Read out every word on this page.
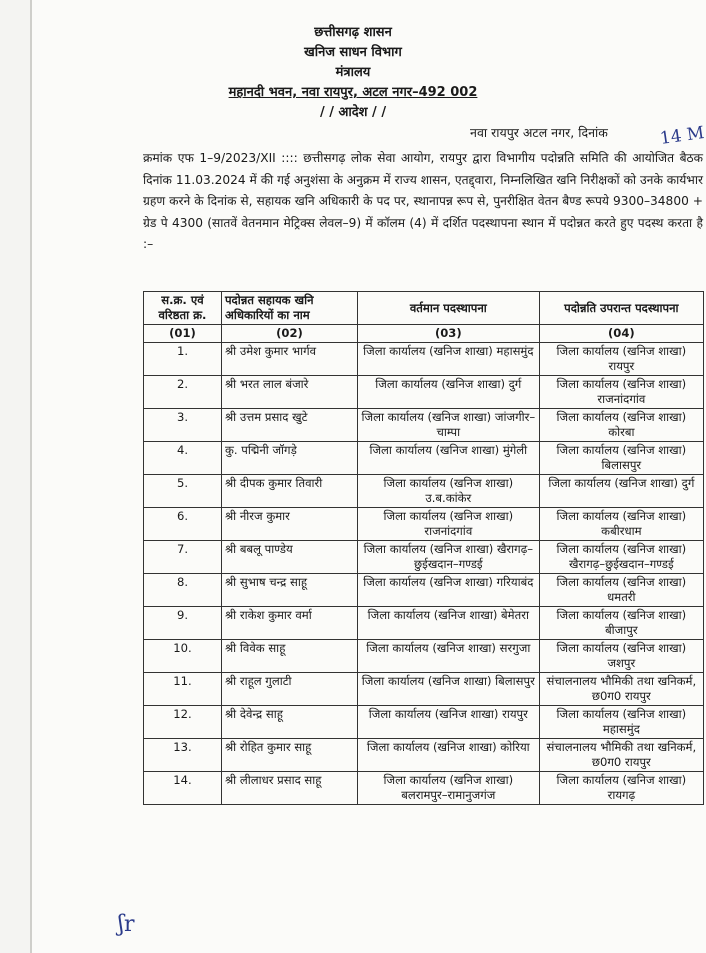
छत्तीसगढ़ शासन
खनिज साधन विभाग
मंत्रालय
महानदी भवन, नवा रायपुर, अटल नगर–492 002
/ / आदेश / /
नवा रायपुर अटल नगर, दिनांक	14 M
क्रमांक एफ 1–9/2023/XII :::: छत्तीसगढ़ लोक सेवा आयोग, रायपुर द्वारा विभागीय पदोन्नति समिति की आयोजित बैठक दिनांक 11.03.2024 में की गई अनुशंसा के अनुक्रम में राज्य शासन, एतद्द्वारा, निम्नलिखित खनि निरीक्षकों को उनके कार्यभार ग्रहण करने के दिनांक से, सहायक खनि अधिकारी के पद पर, स्थानापन्न रूप से, पुनरीक्षित वेतन बैण्ड रूपये 9300–34800 + ग्रेड पे 4300 (सातवें वेतनमान मेट्रिक्स लेवल–9) में कॉलम (4) में दर्शित पदस्थापना स्थान में पदोन्नत करते हुए पदस्थ करता है :–
स.क्र. एवं वरिष्ठता क्र.	पदोन्नत सहायक खनि अधिकारियों का नाम	वर्तमान पदस्थापना	पदोन्नति उपरान्त पदस्थापना
(01)	(02)	(03)	(04)
1.	श्री उमेश कुमार भार्गव	जिला कार्यालय (खनिज शाखा) महासमुंद	जिला कार्यालय (खनिज शाखा) रायपुर
2.	श्री भरत लाल बंजारे	जिला कार्यालय (खनिज शाखा) दुर्ग	जिला कार्यालय (खनिज शाखा) राजनांदगांव
3.	श्री उत्तम प्रसाद खुटे	जिला कार्यालय (खनिज शाखा) जांजगीर–चाम्पा	जिला कार्यालय (खनिज शाखा) कोरबा
4.	कु. पद्मिनी जॉगड़े	जिला कार्यालय (खनिज शाखा) मुंगेली	जिला कार्यालय (खनिज शाखा) बिलासपुर
5.	श्री दीपक कुमार तिवारी	जिला कार्यालय (खनिज शाखा) उ.ब.कांकेर	जिला कार्यालय (खनिज शाखा) दुर्ग
6.	श्री नीरज कुमार	जिला कार्यालय (खनिज शाखा) राजनांदगांव	जिला कार्यालय (खनिज शाखा) कबीरधाम
7.	श्री बबलू पाण्डेय	जिला कार्यालय (खनिज शाखा) खैरागढ़–छुईखदान–गण्डई	जिला कार्यालय (खनिज शाखा) खैरागढ़–छुईखदान–गण्डई
8.	श्री सुभाष चन्द्र साहू	जिला कार्यालय (खनिज शाखा) गरियाबंद	जिला कार्यालय (खनिज शाखा) धमतरी
9.	श्री राकेश कुमार वर्मा	जिला कार्यालय (खनिज शाखा) बेमेतरा	जिला कार्यालय (खनिज शाखा) बीजापुर
10.	श्री विवेक साहू	जिला कार्यालय (खनिज शाखा) सरगुजा	जिला कार्यालय (खनिज शाखा) जशपुर
11.	श्री राहूल गुलाटी	जिला कार्यालय (खनिज शाखा) बिलासपुर	संचालनालय भौमिकी तथा खनिकर्म, छ0ग0 रायपुर
12.	श्री देवेन्द्र साहू	जिला कार्यालय (खनिज शाखा) रायपुर	जिला कार्यालय (खनिज शाखा) महासमुंद
13.	श्री रोहित कुमार साहू	जिला कार्यालय (खनिज शाखा) कोरिया	संचालनालय भौमिकी तथा खनिकर्म, छ0ग0 रायपुर
14.	श्री लीलाधर प्रसाद साहू	जिला कार्यालय (खनिज शाखा) बलरामपुर–रामानुजगंज	जिला कार्यालय (खनिज शाखा) रायगढ़
ʃr
